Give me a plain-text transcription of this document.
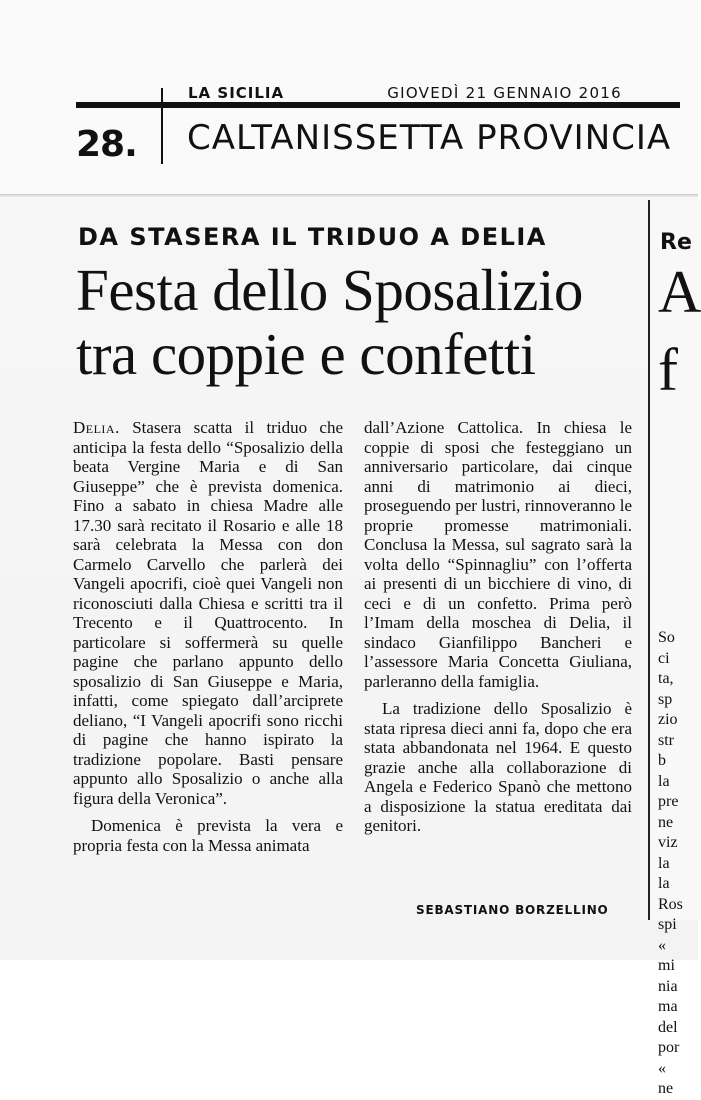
LA SICILIA	GIOVEDÌ 21 GENNAIO 2016
28. CALTANISSETTA PROVINCIA
DA STASERA IL TRIDUO A DELIA
Festa dello Sposalizio
tra coppie e confetti

Delia. Stasera scatta il triduo che anticipa la festa dello “Sposalizio della beata Vergine Maria e di San Giuseppe” che è prevista domenica. Fino a sabato in chiesa Madre alle 17.30 sarà recitato il Rosario e alle 18 sarà celebrata la Messa con don Carmelo Carvello che parlerà dei Vangeli apocrifi, cioè quei Vangeli non riconosciuti dalla Chiesa e scritti tra il Trecento e il Quattrocento. In particolare si soffermerà su quelle pagine che parlano appunto dello sposalizio di San Giuseppe e Maria, infatti, come spiegato dall’arciprete deliano, “I Vangeli apocrifi sono ricchi di pagine che hanno ispirato la tradizione popolare. Basti pensare appunto allo Sposalizio o anche alla figura della Veronica”.

Domenica è prevista la vera e propria festa con la Messa animata

dall’Azione Cattolica. In chiesa le coppie di sposi che festeggiano un anniversario particolare, dai cinque anni di matrimonio ai dieci, proseguendo per lustri, rinnoveranno le proprie promesse matrimoniali. Conclusa la Messa, sul sagrato sarà la volta dello “Spinnagliu” con l’offerta ai presenti di un bicchiere di vino, di ceci e di un confetto. Prima però l’Imam della moschea di Delia, il sindaco Gianfilippo Bancheri e l’assessore Maria Concetta Giuliana, parleranno della famiglia.

La tradizione dello Sposalizio è stata ripresa dieci anni fa, dopo che era stata abbandonata nel 1964. E questo grazie anche alla collaborazione di Angela e Federico Spanò che mettono a disposizione la statua ereditata dai genitori.

SEBASTIANO BORZELLINO
Re
A
f
So
ci
ta,
sp
zio
str
b
la
pre
ne
viz
la
la
Ros
spi
«
mi
nia
ma
del
por
«
ne
